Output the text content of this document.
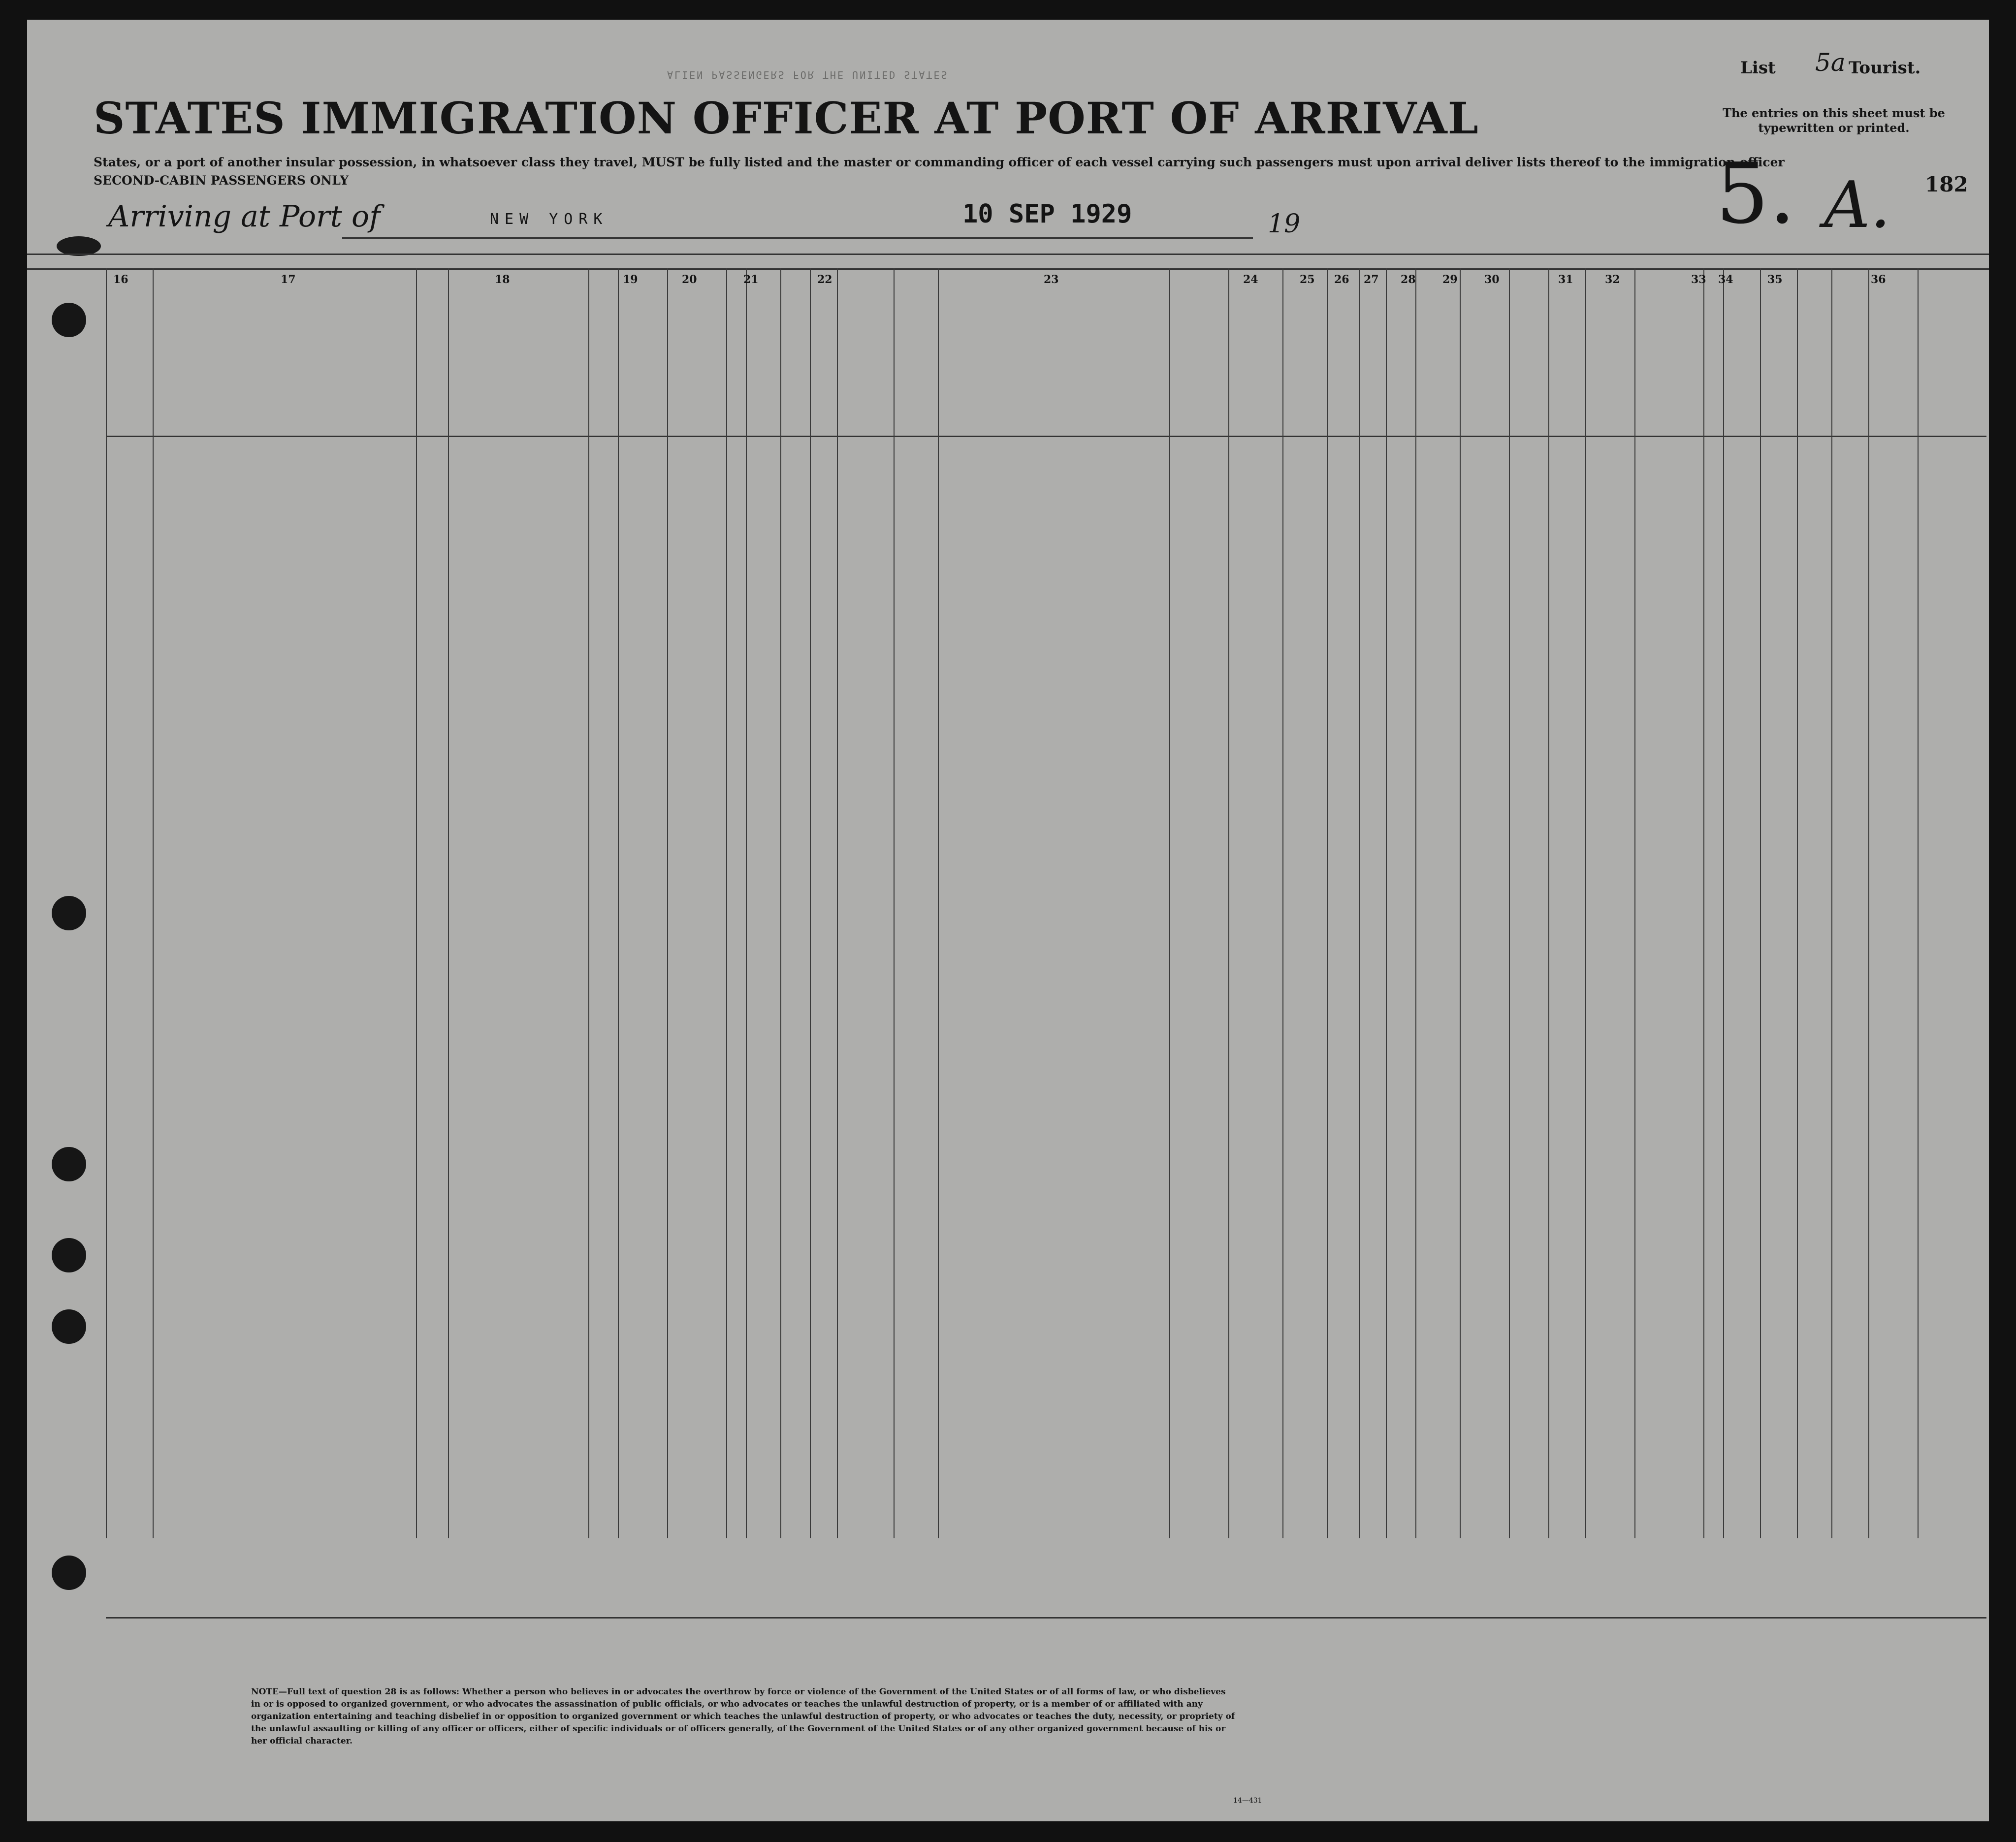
ALIEN PASSENGERS FOR THE UNITED STATES	List 5a Tourist.
STATES IMMIGRATION OFFICER AT PORT OF ARRIVAL	The entries on this sheet must be typewritten or printed.
5. A. 182
States, or a port of another insular possession, in whatsoever class they travel, MUST be fully listed and the master or commanding officer of each vessel carrying such passengers must upon arrival deliver lists thereof to the immigration officer
SECOND-CABIN PASSENGERS ONLY
Arriving at Port of	NEW YORK	10 SEP 1929	19
16	17	18	19	20	21	22	23	24	25 26 27 28 29 30	31	32	33 34	35	36
NOTE—Full text of question 28 is as follows: Whether a person who believes in or advocates the overthrow by force or violence of the Government of the United States or of all forms of law, or who disbelieves in or is opposed to organized government, or who advocates the assassination of public officials, or who advocates or teaches the unlawful destruction of property, or is a member of or affiliated with any organization entertaining and teaching disbelief in or opposition to organized government or which teaches the unlawful destruction of property, or who advocates or teaches the duty, necessity, or propriety of the unlawful assaulting or killing of any officer or officers, either of specific individuals or of officers generally, of the Government of the United States or of any other organized government because of his or her official character.
14—431
